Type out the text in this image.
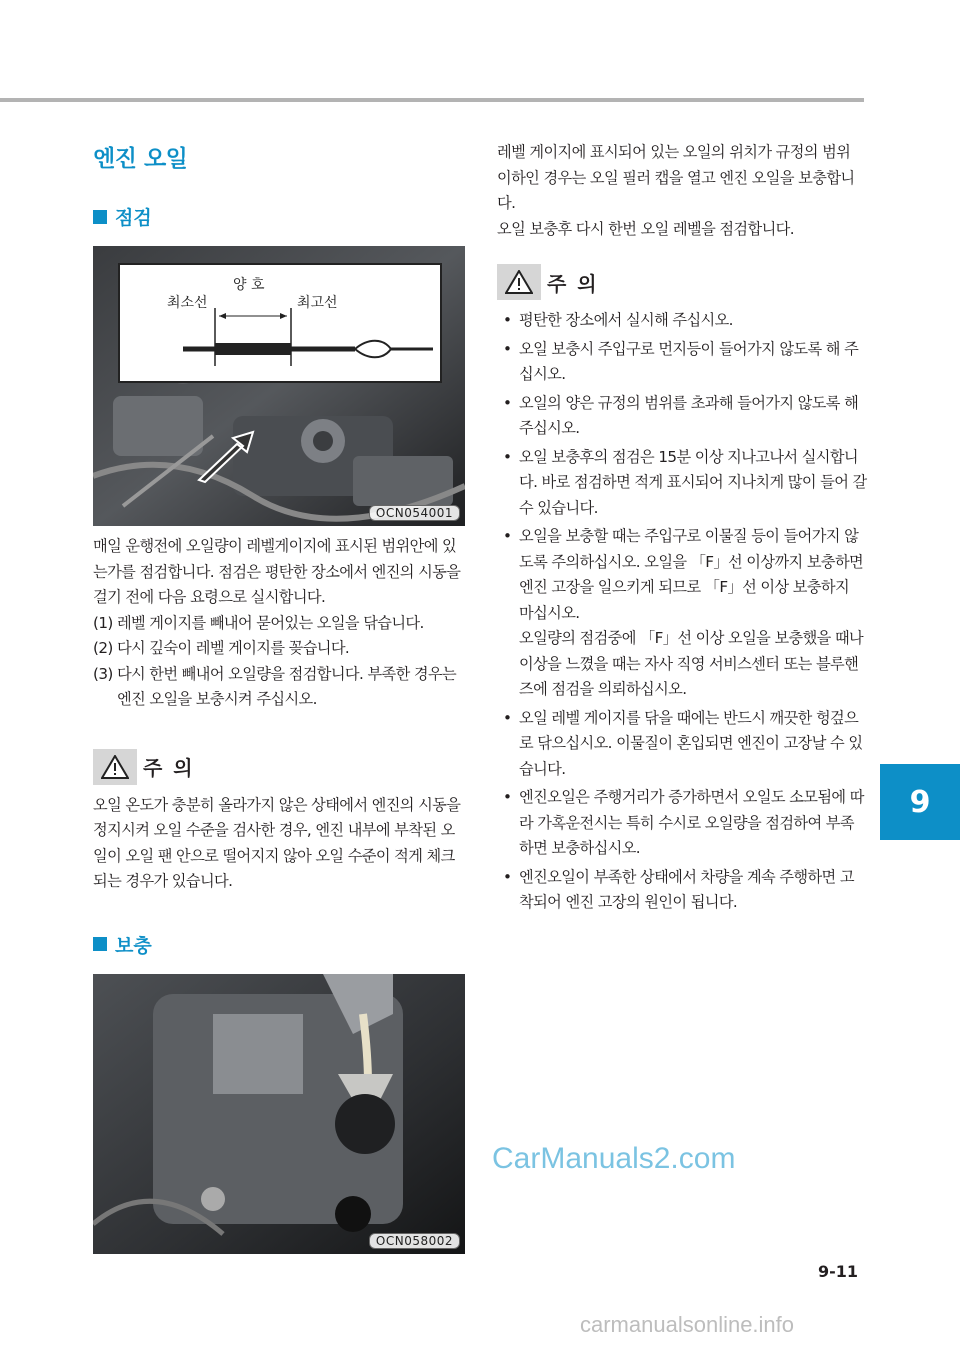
엔진 오일
점검
양 호
최소선	최고선
OCN054001

매일 운행전에 오일량이 레벨게이지에 표시된 범위안에 있는가를 점검합니다. 점검은 평탄한 장소에서 엔진의 시동을 걸기 전에 다음 요령으로 실시합니다.

(1) 레벨 게이지를 빼내어 묻어있는 오일을 닦습니다.
(2) 다시 깊숙이 레벨 게이지를 꽂습니다.
(3) 다시 한번 빼내어 오일량을 점검합니다. 부족한 경우는 엔진 오일을 보충시켜 주십시오.
주 의

오일 온도가 충분히 올라가지 않은 상태에서 엔진의 시동을 정지시켜 오일 수준을 검사한 경우, 엔진 내부에 부착된 오일이 오일 팬 안으로 떨어지지 않아 오일 수준이 적게 체크되는 경우가 있습니다.

보충
OCN058002

레벨 게이지에 표시되어 있는 오일의 위치가 규정의 범위 이하인 경우는 오일 필러 캡을 열고 엔진 오일을 보충합니다.

오일 보충후 다시 한번 오일 레벨을 점검합니다.

주 의
• 평탄한 장소에서 실시해 주십시오.
• 오일 보충시 주입구로 먼지등이 들어가지 않도록 해 주십시오.
• 오일의 양은 규정의 범위를 초과해 들어가지 않도록 해 주십시오.
• 오일 보충후의 점검은 15분 이상 지나고나서 실시합니다. 바로 점검하면 적게 표시되어 지나치게 많이 들어 갈 수 있습니다.
• 오일을 보충할 때는 주입구로 이물질 등이 들어가지 않도록 주의하십시오. 오일을 「F」선 이상까지 보충하면 엔진 고장을 일으키게 되므로 「F」선 이상 보충하지 마십시오.
오일량의 점검중에 「F」선 이상 오일을 보충했을 때나 이상을 느꼈을 때는 자사 직영 서비스센터 또는 블루핸즈에 점검을 의뢰하십시오.
• 오일 레벨 게이지를 닦을 때에는 반드시 깨끗한 헝겊으로 닦으십시오. 이물질이 혼입되면 엔진이 고장날 수 있습니다.
• 엔진오일은 주행거리가 증가하면서 오일도 소모됨에 따라 가혹운전시는 특히 수시로 오일량을 점검하여 부족하면 보충하십시오.
• 엔진오일이 부족한 상태에서 차량을 계속 주행하면 고착되어 엔진 고장의 원인이 됩니다.
9
CarManuals2.com
9-11
carmanualsonline.info
